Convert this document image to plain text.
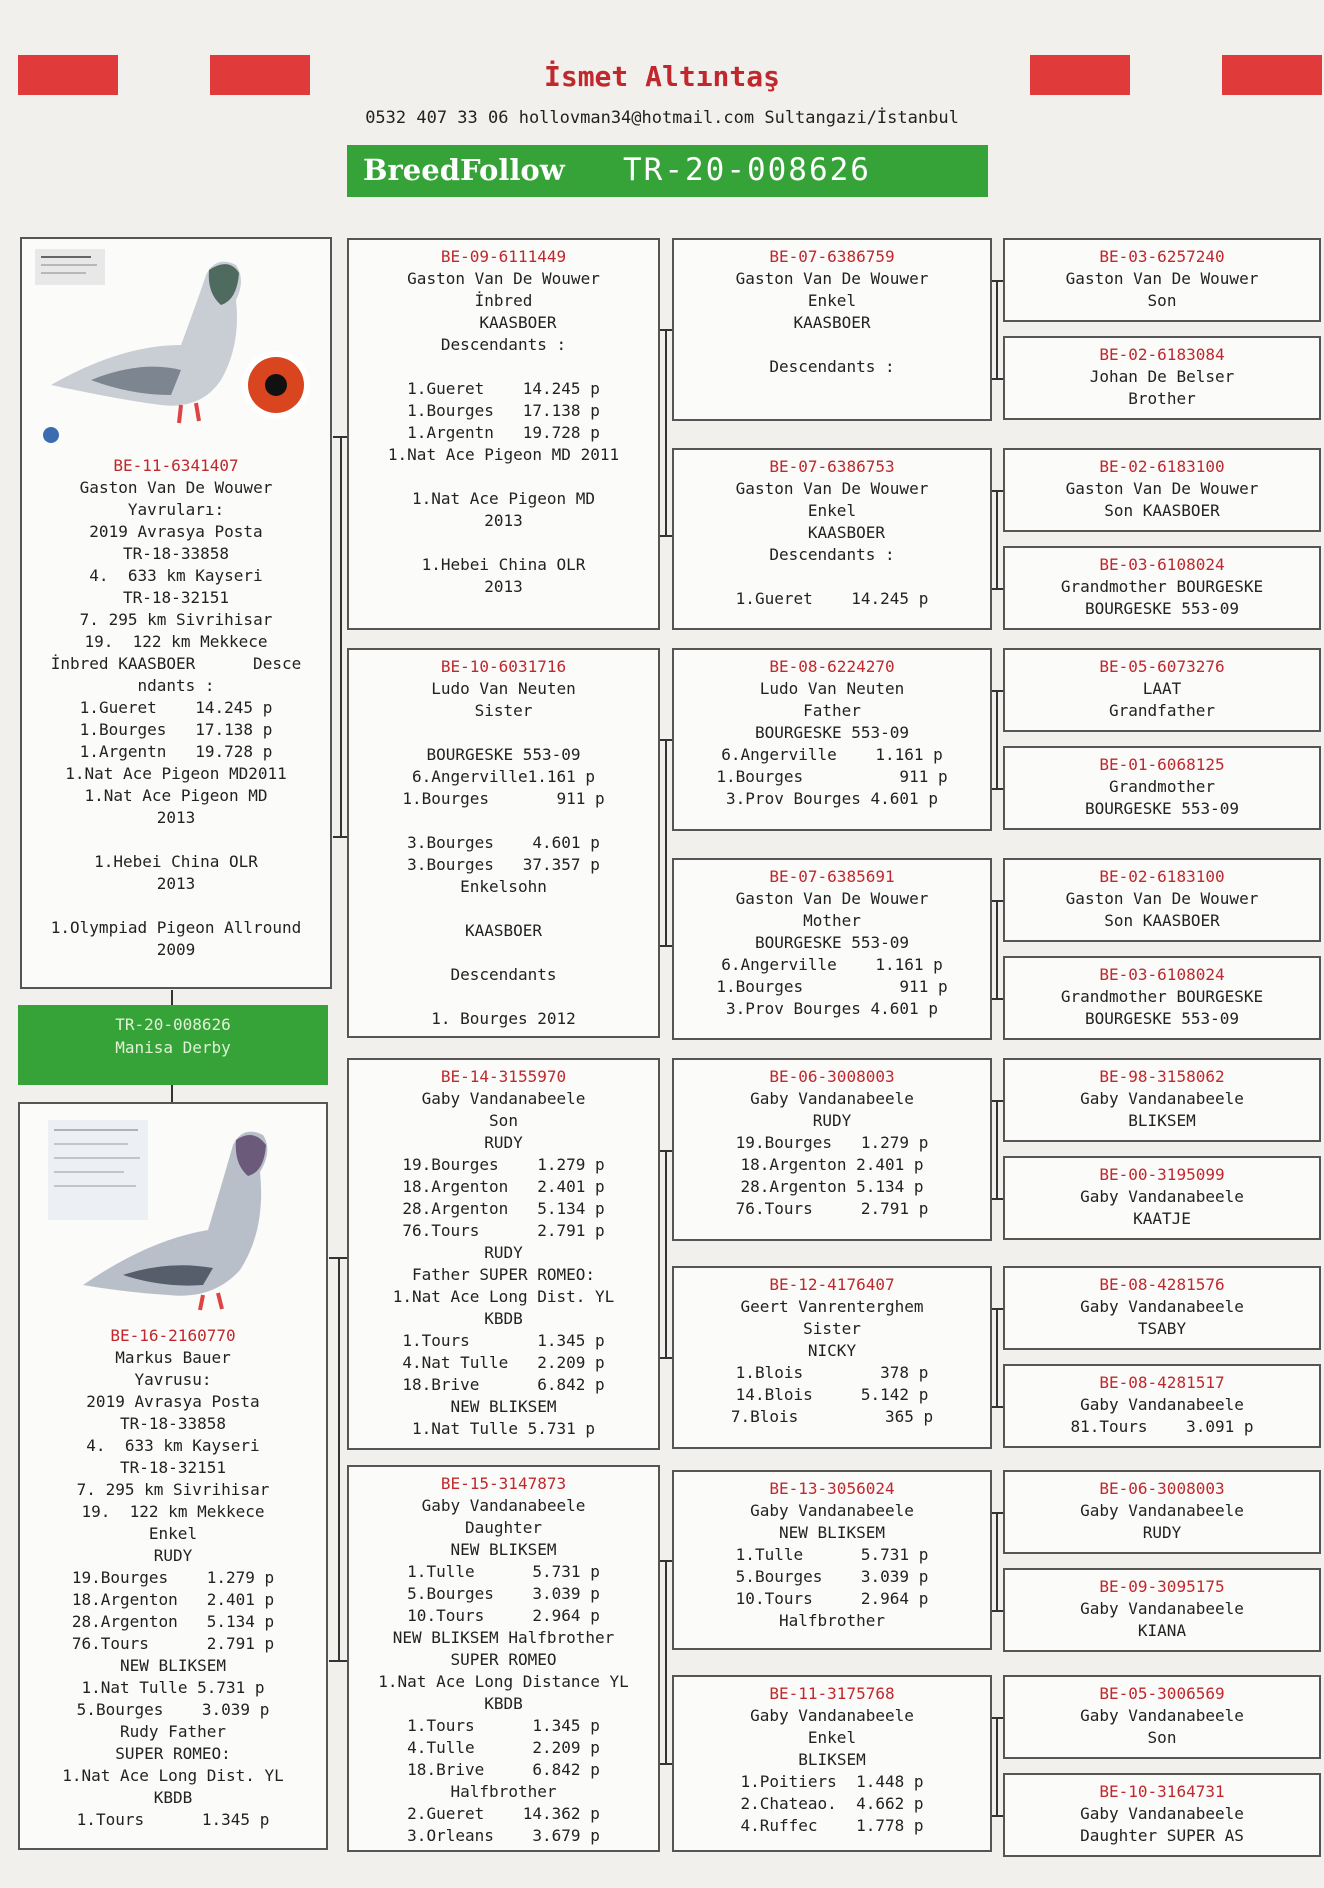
İsmet Altıntaş
0532 407 33 06 hollovman34@hotmail.com Sultangazi/İstanbul
BreedFollow TR-20-008626
BE-11-6341407
Gaston Van De Wouwer
Yavruları:
2019 Avrasya Posta
TR-18-33858
4.  633 km Kayseri
TR-18-32151
7. 295 km Sivrihisar
19.  122 km Mekkece
İnbred KAASBOER      Desce
ndants :
1.Gueret    14.245 p
1.Bourges   17.138 p
1.Argentn   19.728 p
1.Nat Ace Pigeon MD2011
1.Nat Ace Pigeon MD
2013

1.Hebei China OLR
2013

1.Olympiad Pigeon Allround
2009
TR-20-008626
Manisa Derby
BE-16-2160770
Markus Bauer
Yavrusu:
2019 Avrasya Posta
TR-18-33858
4.  633 km Kayseri
TR-18-32151
7. 295 km Sivrihisar
19.  122 km Mekkece
Enkel
RUDY
19.Bourges    1.279 p
18.Argenton   2.401 p
28.Argenton   5.134 p
76.Tours      2.791 p
NEW BLIKSEM
1.Nat Tulle 5.731 p
5.Bourges    3.039 p
Rudy Father
SUPER ROMEO:
1.Nat Ace Long Dist. YL
KBDB
1.Tours      1.345 p
BE-09-6111449
Gaston Van De Wouwer
İnbred
KAASBOER
Descendants :

1.Gueret    14.245 p
1.Bourges   17.138 p
1.Argentn   19.728 p
1.Nat Ace Pigeon MD 2011

1.Nat Ace Pigeon MD
2013

1.Hebei China OLR
2013
BE-10-6031716
Ludo Van Neuten
Sister

BOURGESKE 553-09
6.Angerville1.161 p
1.Bourges       911 p

3.Bourges    4.601 p
3.Bourges   37.357 p
Enkelsohn

KAASBOER

Descendants

1. Bourges 2012
BE-14-3155970
Gaby Vandanabeele
Son
RUDY
19.Bourges    1.279 p
18.Argenton   2.401 p
28.Argenton   5.134 p
76.Tours      2.791 p
RUDY
Father SUPER ROMEO:
1.Nat Ace Long Dist. YL
KBDB
1.Tours       1.345 p
4.Nat Tulle   2.209 p
18.Brive      6.842 p
NEW BLIKSEM
1.Nat Tulle 5.731 p
BE-15-3147873
Gaby Vandanabeele
Daughter
NEW BLIKSEM
1.Tulle      5.731 p
5.Bourges    3.039 p
10.Tours     2.964 p
NEW BLIKSEM Halfbrother
SUPER ROMEO
1.Nat Ace Long Distance YL
KBDB
1.Tours      1.345 p
4.Tulle      2.209 p
18.Brive     6.842 p
Halfbrother
2.Gueret    14.362 p
3.Orleans    3.679 p
BE-07-6386759
Gaston Van De Wouwer
Enkel
KAASBOER

Descendants :
BE-07-6386753
Gaston Van De Wouwer
Enkel
KAASBOER
Descendants :

1.Gueret    14.245 p
BE-08-6224270
Ludo Van Neuten
Father
BOURGESKE 553-09
6.Angerville    1.161 p
1.Bourges          911 p
3.Prov Bourges 4.601 p
BE-07-6385691
Gaston Van De Wouwer
Mother
BOURGESKE 553-09
6.Angerville    1.161 p
1.Bourges          911 p
3.Prov Bourges 4.601 p
BE-06-3008003
Gaby Vandanabeele
RUDY
19.Bourges   1.279 p
18.Argenton 2.401 p
28.Argenton 5.134 p
76.Tours     2.791 p
BE-12-4176407
Geert Vanrenterghem
Sister
NICKY
1.Blois        378 p
14.Blois     5.142 p
7.Blois         365 p
BE-13-3056024
Gaby Vandanabeele
NEW BLIKSEM
1.Tulle      5.731 p
5.Bourges    3.039 p
10.Tours     2.964 p
Halfbrother
BE-11-3175768
Gaby Vandanabeele
Enkel
BLIKSEM
1.Poitiers  1.448 p
2.Chateao.  4.662 p
4.Ruffec    1.778 p
BE-03-6257240
Gaston Van De Wouwer
Son
BE-02-6183084
Johan De Belser
Brother
BE-02-6183100
Gaston Van De Wouwer
Son KAASBOER
BE-03-6108024
Grandmother BOURGESKE
BOURGESKE 553-09
BE-05-6073276
LAAT
Grandfather
BE-01-6068125
Grandmother
BOURGESKE 553-09
BE-02-6183100
Gaston Van De Wouwer
Son KAASBOER
BE-03-6108024
Grandmother BOURGESKE
BOURGESKE 553-09
BE-98-3158062
Gaby Vandanabeele
BLIKSEM
BE-00-3195099
Gaby Vandanabeele
KAATJE
BE-08-4281576
Gaby Vandanabeele
TSABY
BE-08-4281517
Gaby Vandanabeele
81.Tours    3.091 p
BE-06-3008003
Gaby Vandanabeele
RUDY
BE-09-3095175
Gaby Vandanabeele
KIANA
BE-05-3006569
Gaby Vandanabeele
Son
BE-10-3164731
Gaby Vandanabeele
Daughter SUPER AS
